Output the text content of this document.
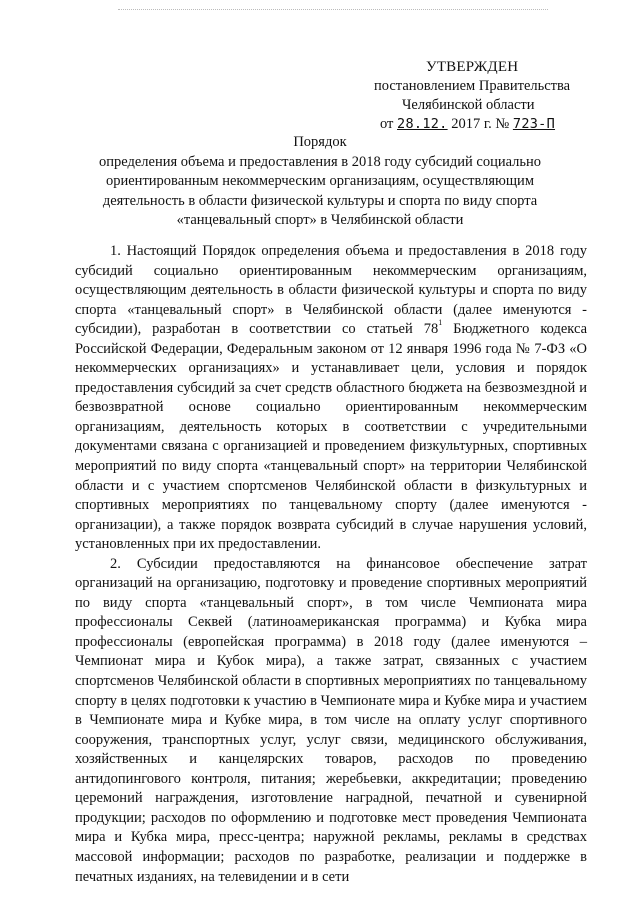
УТВЕРЖДЕН
постановлением Правительства
Челябинской области
от 28.12. 2017 г. № 723-П
Порядок
определения объема и предоставления в 2018 году субсидий социально
ориентированным некоммерческим организациям, осуществляющим
деятельность в области физической культуры и спорта по виду спорта
«танцевальный спорт» в Челябинской области

1. Настоящий Порядок определения объема и предоставления в 2018 году субсидий социально ориентированным некоммерческим организациям, осуществляющим деятельность в области физической культуры и спорта по виду спорта «танцевальный спорт» в Челябинской области (далее именуются - субсидии), разработан в соответствии со статьей $78^1$ Бюджетного кодекса Российской Федерации, Федеральным законом от 12 января 1996 года № 7-ФЗ «О некоммерческих организациях» и устанавливает цели, условия и порядок предоставления субсидий за счет средств областного бюджета на безвозмездной и безвозвратной основе социально ориентированным некоммерческим организациям, деятельность которых в соответствии с учредительными документами связана с организацией и проведением физкультурных, спортивных мероприятий по виду спорта «танцевальный спорт» на территории Челябинской области и с участием спортсменов Челябинской области в физкультурных и спортивных мероприятиях по танцевальному спорту (далее именуются - организации), а также порядок возврата субсидий в случае нарушения условий, установленных при их предоставлении.

2. Субсидии предоставляются на финансовое обеспечение затрат организаций на организацию, подготовку и проведение спортивных мероприятий по виду спорта «танцевальный спорт», в том числе Чемпионата мира профессионалы Секвей (латиноамериканская программа) и Кубка мира профессионалы (европейская программа) в 2018 году (далее именуются – Чемпионат мира и Кубок мира), а также затрат, связанных с участием спортсменов Челябинской области в спортивных мероприятиях по танцевальному спорту в целях подготовки к участию в Чемпионате мира и Кубке мира и участием в Чемпионате мира и Кубке мира, в том числе на оплату услуг спортивного сооружения, транспортных услуг, услуг связи, медицинского обслуживания, хозяйственных и канцелярских товаров, расходов по проведению антидопингового контроля, питания; жеребьевки, аккредитации; проведению церемоний награждения, изготовление наградной, печатной и сувенирной продукции; расходов по оформлению и подготовке мест проведения Чемпионата мира и Кубка мира, пресс-центра; наружной рекламы, рекламы в средствах массовой информации; расходов по разработке, реализации и поддержке в печатных изданиях, на телевидении и в сети
